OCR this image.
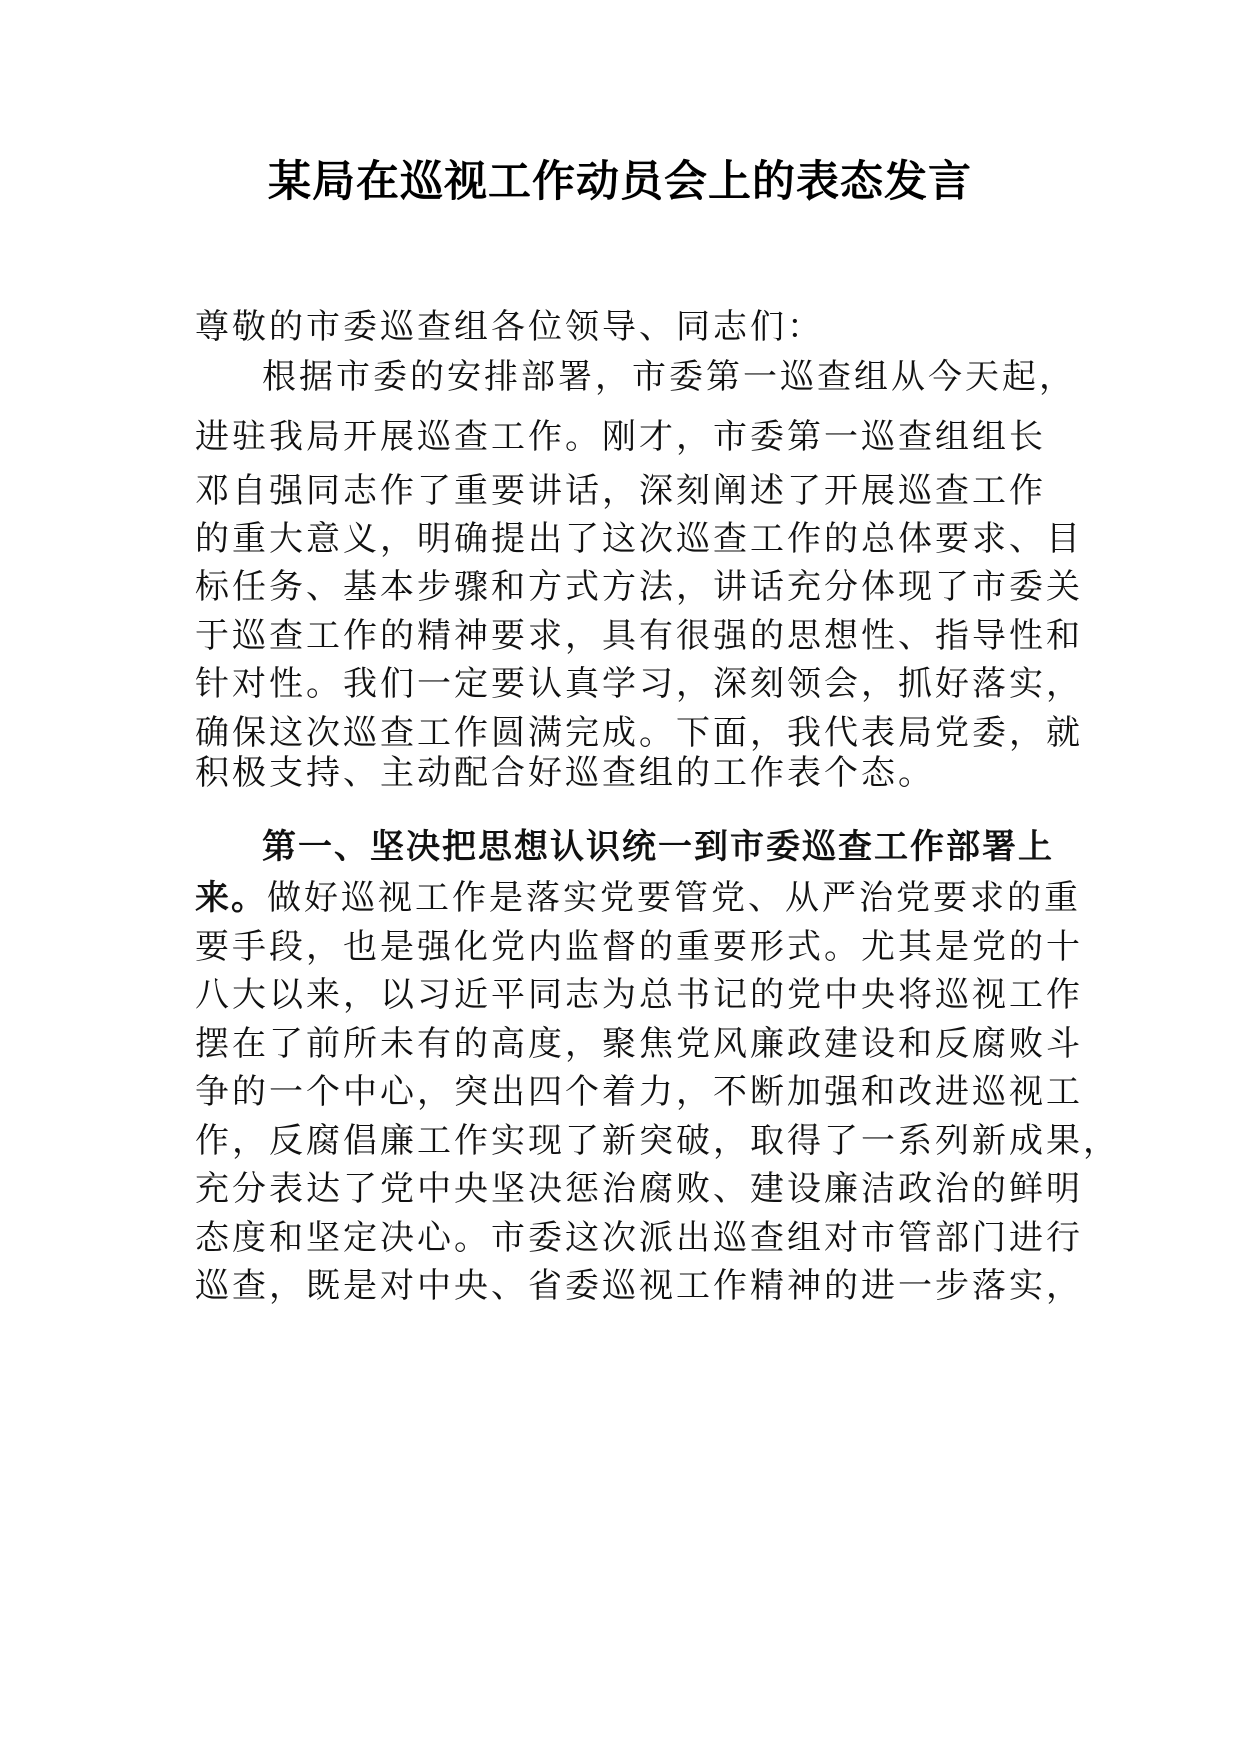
某局在巡视工作动员会上的表态发言
尊敬的市委巡查组各位领导、同志们：
根据市委的安排部署，市委第一巡查组从今天起，
进驻我局开展巡查工作。刚才，市委第一巡查组组长
邓自强同志作了重要讲话，深刻阐述了开展巡查工作
的重大意义，明确提出了这次巡查工作的总体要求、目
标任务、基本步骤和方式方法，讲话充分体现了市委关
于巡查工作的精神要求，具有很强的思想性、指导性和
针对性。我们一定要认真学习，深刻领会，抓好落实，
确保这次巡查工作圆满完成。下面，我代表局党委，就
积极支持、主动配合好巡查组的工作表个态。
第一、坚决把思想认识统一到市委巡查工作部署上
来。做好巡视工作是落实党要管党、从严治党要求的重
要手段，也是强化党内监督的重要形式。尤其是党的十
八大以来，以习近平同志为总书记的党中央将巡视工作
摆在了前所未有的高度，聚焦党风廉政建设和反腐败斗
争的一个中心，突出四个着力，不断加强和改进巡视工
作，反腐倡廉工作实现了新突破，取得了一系列新成果，
充分表达了党中央坚决惩治腐败、建设廉洁政治的鲜明
态度和坚定决心。市委这次派出巡查组对市管部门进行
巡查，既是对中央、省委巡视工作精神的进一步落实，
